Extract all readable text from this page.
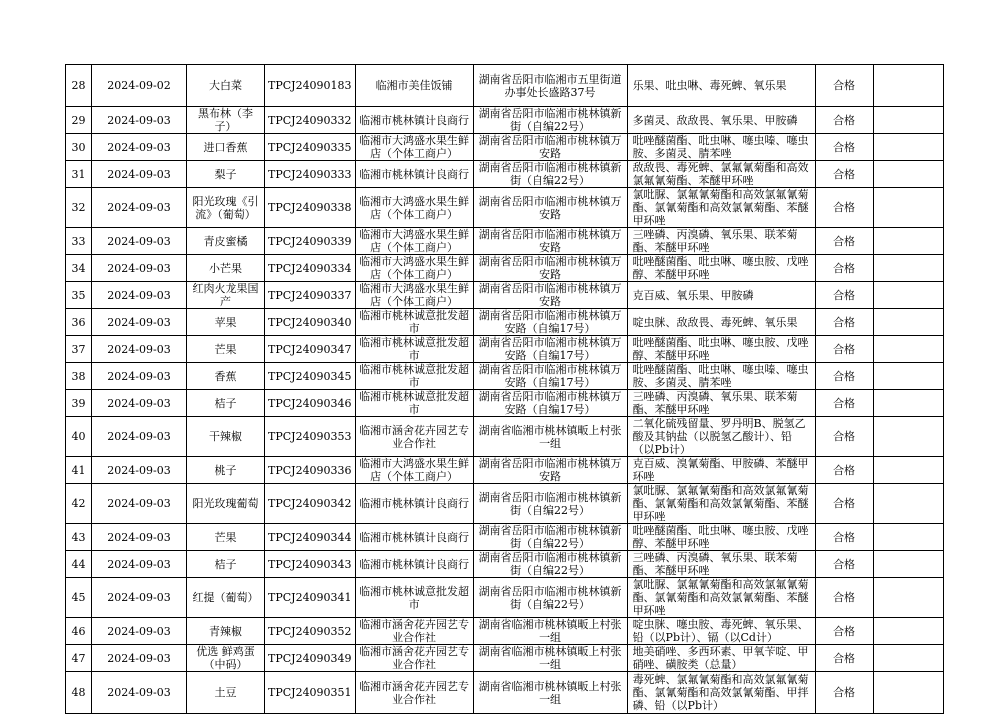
28	2024-09-02	大白菜	TPCJ24090183	临湘市美佳饭铺	湖南省岳阳市临湘市五里街道办事处长盛路37号	乐果、吡虫啉、毒死蜱、氧乐果	合格	
29	2024-09-03	黑布林（李子）	TPCJ24090332	临湘市桃林镇计良商行	湖南省岳阳市临湘市桃林镇新街（自编22号）	多菌灵、敌敌畏、氧乐果、甲胺磷	合格	
30	2024-09-03	进口香蕉	TPCJ24090335	临湘市大鸿盛水果生鲜店（个体工商户）	湖南省岳阳市临湘市桃林镇万安路	吡唑醚菌酯、吡虫啉、噻虫嗪、噻虫胺、多菌灵、腈苯唑	合格	
31	2024-09-03	梨子	TPCJ24090333	临湘市桃林镇计良商行	湖南省岳阳市临湘市桃林镇新街（自编22号）	敌敌畏、毒死蜱、氯氟氰菊酯和高效氯氟氰菊酯、苯醚甲环唑	合格	
32	2024-09-03	阳光玫瑰《引流》（葡萄）	TPCJ24090338	临湘市大鸿盛水果生鲜店（个体工商户）	湖南省岳阳市临湘市桃林镇万安路	氯吡脲、氯氟氰菊酯和高效氯氟氰菊酯、氯氰菊酯和高效氯氰菊酯、苯醚甲环唑	合格	
33	2024-09-03	青皮蜜橘	TPCJ24090339	临湘市大鸿盛水果生鲜店（个体工商户）	湖南省岳阳市临湘市桃林镇万安路	三唑磷、丙溴磷、氧乐果、联苯菊酯、苯醚甲环唑	合格	
34	2024-09-03	小芒果	TPCJ24090334	临湘市大鸿盛水果生鲜店（个体工商户）	湖南省岳阳市临湘市桃林镇万安路	吡唑醚菌酯、吡虫啉、噻虫胺、戊唑醇、苯醚甲环唑	合格	
35	2024-09-03	红肉火龙果国产	TPCJ24090337	临湘市大鸿盛水果生鲜店（个体工商户）	湖南省岳阳市临湘市桃林镇万安路	克百威、氧乐果、甲胺磷	合格	
36	2024-09-03	苹果	TPCJ24090340	临湘市桃林诚意批发超市	湖南省岳阳市临湘市桃林镇万安路（自编17号）	啶虫脒、敌敌畏、毒死蜱、氧乐果	合格	
37	2024-09-03	芒果	TPCJ24090347	临湘市桃林诚意批发超市	湖南省岳阳市临湘市桃林镇万安路（自编17号）	吡唑醚菌酯、吡虫啉、噻虫胺、戊唑醇、苯醚甲环唑	合格	
38	2024-09-03	香蕉	TPCJ24090345	临湘市桃林诚意批发超市	湖南省岳阳市临湘市桃林镇万安路（自编17号）	吡唑醚菌酯、吡虫啉、噻虫嗪、噻虫胺、多菌灵、腈苯唑	合格	
39	2024-09-03	桔子	TPCJ24090346	临湘市桃林诚意批发超市	湖南省岳阳市临湘市桃林镇万安路（自编17号）	三唑磷、丙溴磷、氧乐果、联苯菊酯、苯醚甲环唑	合格	
40	2024-09-03	干辣椒	TPCJ24090353	临湘市涵舍花卉园艺专业合作社	湖南省临湘市桃林镇畈上村张一组	二氧化硫残留量、罗丹明B、脱氢乙酸及其钠盐（以脱氢乙酸计）、铅（以Pb计）	合格	
41	2024-09-03	桃子	TPCJ24090336	临湘市大鸿盛水果生鲜店（个体工商户）	湖南省岳阳市临湘市桃林镇万安路	克百威、溴氰菊酯、甲胺磷、苯醚甲环唑	合格	
42	2024-09-03	阳光玫瑰葡萄	TPCJ24090342	临湘市桃林镇计良商行	湖南省岳阳市临湘市桃林镇新街（自编22号）	氯吡脲、氯氟氰菊酯和高效氯氟氰菊酯、氯氰菊酯和高效氯氰菊酯、苯醚甲环唑	合格	
43	2024-09-03	芒果	TPCJ24090344	临湘市桃林镇计良商行	湖南省岳阳市临湘市桃林镇新街（自编22号）	吡唑醚菌酯、吡虫啉、噻虫胺、戊唑醇、苯醚甲环唑	合格	
44	2024-09-03	桔子	TPCJ24090343	临湘市桃林镇计良商行	湖南省岳阳市临湘市桃林镇新街（自编22号）	三唑磷、丙溴磷、氧乐果、联苯菊酯、苯醚甲环唑	合格	
45	2024-09-03	红提（葡萄）	TPCJ24090341	临湘市桃林诚意批发超市	湖南省岳阳市临湘市桃林镇新街（自编22号）	氯吡脲、氯氟氰菊酯和高效氯氟氰菊酯、氯氰菊酯和高效氯氰菊酯、苯醚甲环唑	合格	
46	2024-09-03	青辣椒	TPCJ24090352	临湘市涵舍花卉园艺专业合作社	湖南省临湘市桃林镇畈上村张一组	啶虫脒、噻虫胺、毒死蜱、氧乐果、铅（以Pb计）、镉（以Cd计）	合格	
47	2024-09-03	优选 鲜鸡蛋（中码）	TPCJ24090349	临湘市涵舍花卉园艺专业合作社	湖南省临湘市桃林镇畈上村张一组	地美硝唑、多西环素、甲氧苄啶、甲硝唑、磺胺类（总量）	合格	
48	2024-09-03	土豆	TPCJ24090351	临湘市涵舍花卉园艺专业合作社	湖南省临湘市桃林镇畈上村张一组	毒死蜱、氯氟氰菊酯和高效氯氟氰菊酯、氯氰菊酯和高效氯氰菊酯、甲拌磷、铅（以Pb计）	合格	
